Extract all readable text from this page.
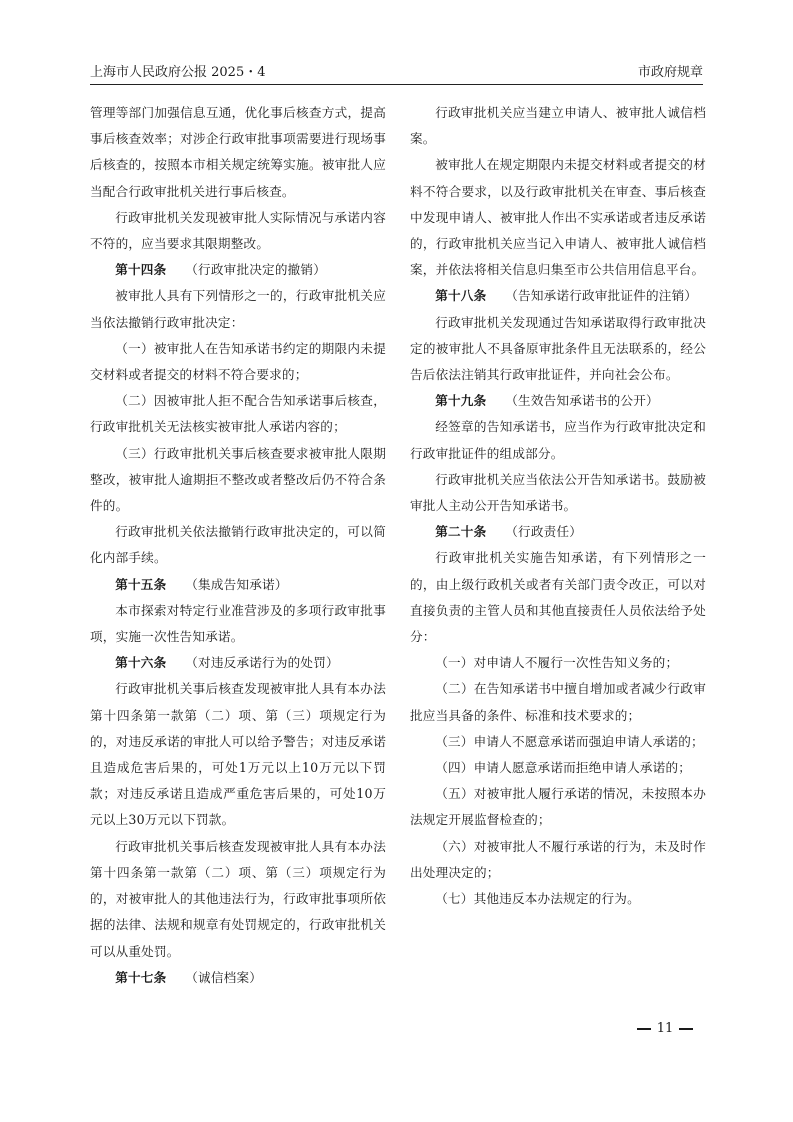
上海市人民政府公报 2025・4	市政府规章

管理等部门加强信息互通，优化事后核查方式，提高事后核查效率；对涉企行政审批事项需要进行现场事后核查的，按照本市相关规定统筹实施。被审批人应当配合行政审批机关进行事后核查。

行政审批机关发现被审批人实际情况与承诺内容不符的，应当要求其限期整改。

第十四条 （行政审批决定的撤销）

被审批人具有下列情形之一的，行政审批机关应当依法撤销行政审批决定：

（一）被审批人在告知承诺书约定的期限内未提交材料或者提交的材料不符合要求的；

（二）因被审批人拒不配合告知承诺事后核查，行政审批机关无法核实被审批人承诺内容的；

（三）行政审批机关事后核查要求被审批人限期整改，被审批人逾期拒不整改或者整改后仍不符合条件的。

行政审批机关依法撤销行政审批决定的，可以简化内部手续。

第十五条 （集成告知承诺）

本市探索对特定行业准营涉及的多项行政审批事项，实施一次性告知承诺。

第十六条 （对违反承诺行为的处罚）

行政审批机关事后核查发现被审批人具有本办法第十四条第一款第（二）项、第（三）项规定行为的，对违反承诺的审批人可以给予警告；对违反承诺且造成危害后果的，可处1万元以上10万元以下罚款；对违反承诺且造成严重危害后果的，可处10万元以上30万元以下罚款。

行政审批机关事后核查发现被审批人具有本办法第十四条第一款第（二）项、第（三）项规定行为的，对被审批人的其他违法行为，行政审批事项所依据的法律、法规和规章有处罚规定的，行政审批机关可以从重处罚。

第十七条 （诚信档案）

行政审批机关应当建立申请人、被审批人诚信档案。

被审批人在规定期限内未提交材料或者提交的材料不符合要求，以及行政审批机关在审查、事后核查中发现申请人、被审批人作出不实承诺或者违反承诺的，行政审批机关应当记入申请人、被审批人诚信档案，并依法将相关信息归集至市公共信用信息平台。

第十八条 （告知承诺行政审批证件的注销）

行政审批机关发现通过告知承诺取得行政审批决定的被审批人不具备原审批条件且无法联系的，经公告后依法注销其行政审批证件，并向社会公布。

第十九条 （生效告知承诺书的公开）

经签章的告知承诺书，应当作为行政审批决定和行政审批证件的组成部分。

行政审批机关应当依法公开告知承诺书。鼓励被审批人主动公开告知承诺书。

第二十条 （行政责任）

行政审批机关实施告知承诺，有下列情形之一的，由上级行政机关或者有关部门责令改正，可以对直接负责的主管人员和其他直接责任人员依法给予处分：

（一）对申请人不履行一次性告知义务的；

（二）在告知承诺书中擅自增加或者减少行政审批应当具备的条件、标准和技术要求的；

（三）申请人不愿意承诺而强迫申请人承诺的；

（四）申请人愿意承诺而拒绝申请人承诺的；

（五）对被审批人履行承诺的情况，未按照本办法规定开展监督检查的；

（六）对被审批人不履行承诺的行为，未及时作出处理决定的；

（七）其他违反本办法规定的行为。

11
